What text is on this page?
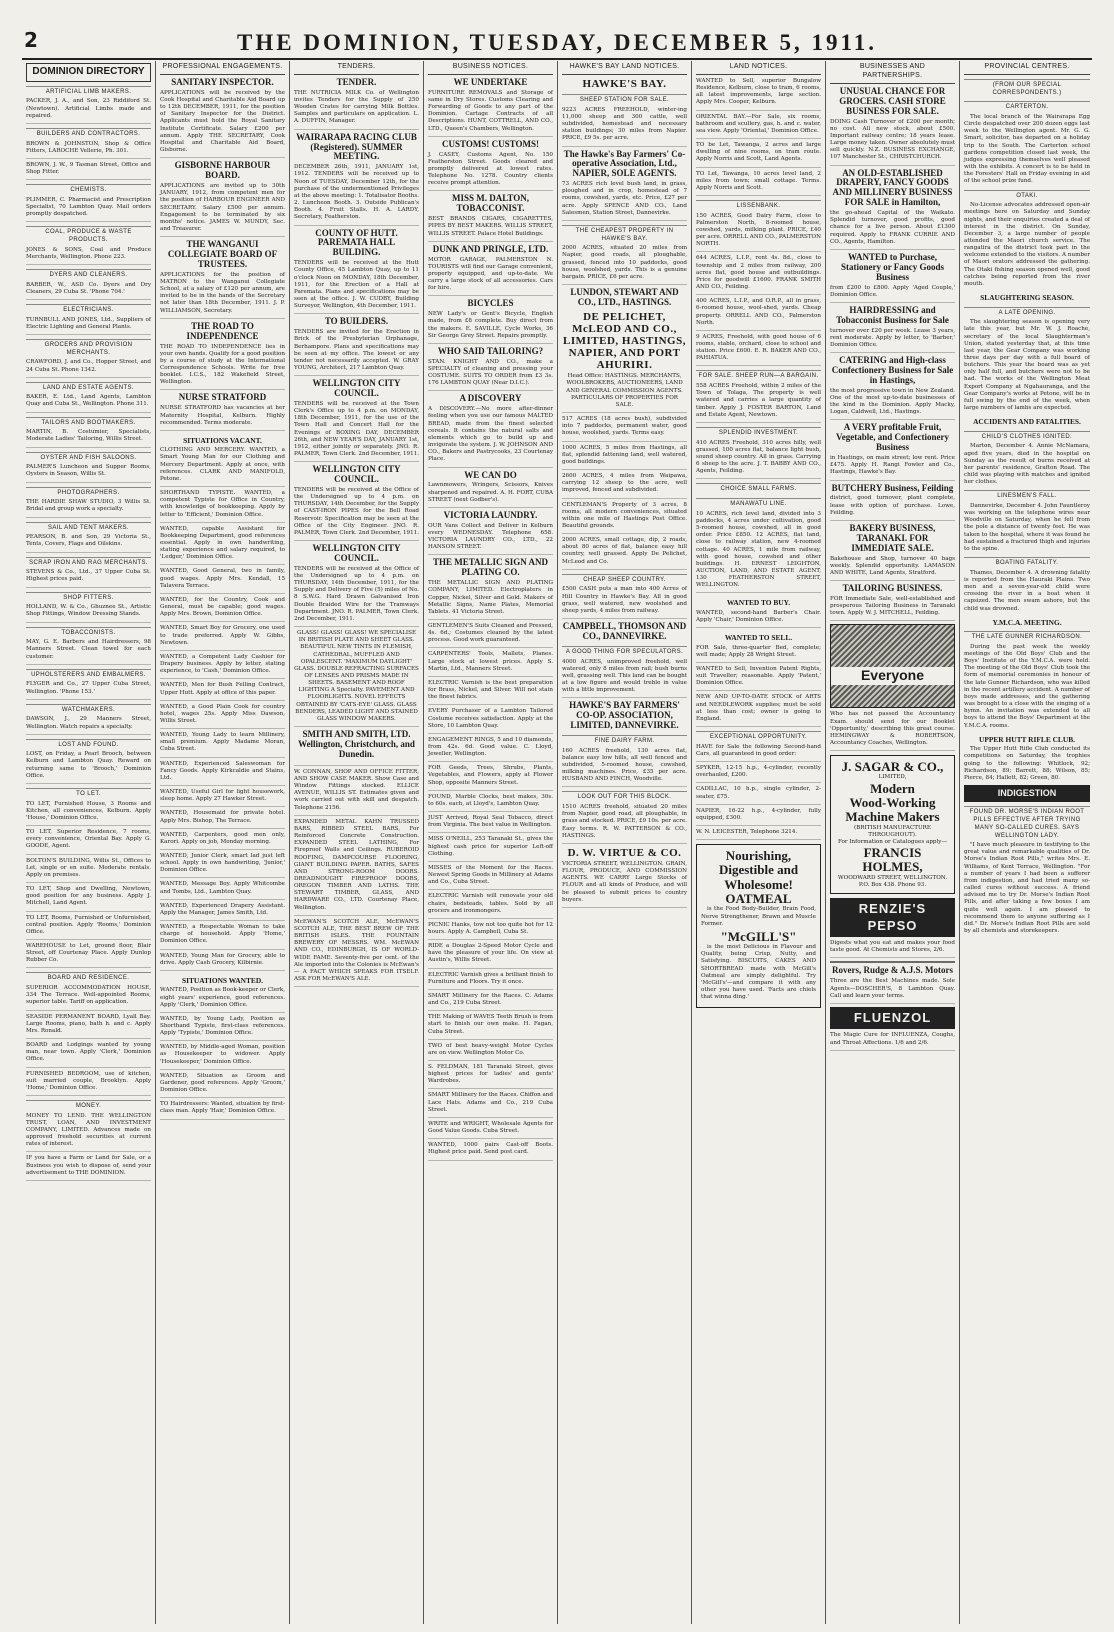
2	THE DOMINION, TUESDAY, DECEMBER 5, 1911.
DOMINION DIRECTORY
ARTIFICIAL LIMB MAKERS.
PACKER, J. A., and Son, 23 Riddiford St. (Newtown). Artificial Limbs made and repaired.
BUILDERS AND CONTRACTORS.
BROWN & JOHNSTON, Shop & Office Fitters, LAROCHE Vellerie, Ph. 301.
BROWN, J. W., 9 Tasman Street, Office and Shop Fitter.
CHEMISTS.
PLIMMER, C. Pharmacist and Prescription Specialist, 70 Lambton Quay. Mail orders promptly despatched.
COAL, PRODUCE & WASTE PRODUCTS.
JONES & SONS, Coal and Produce Merchants, Wellington. Phone 223.
DYERS AND CLEANERS.
BARBER, W., ASD Co. Dyers and Dry Cleaners, 29 Cuba St. 'Phone 704.'
ELECTRICIANS.
TURNBULL AND JONES, Ltd., Suppliers of Electric Lighting and General Plants.
GROCERS AND PROVISION MERCHANTS.
CRAWFORD, J. and Co., Hopper Street, and 24 Cuba St. Phone 1342.
LAND AND ESTATE AGENTS.
BAKER, E. Ltd., Land Agents, Lambton Quay and Cuba St., Wellington. Phone 311.
TAILORS AND BOOTMAKERS.
MARTIN, B. Costumier, Specialists, Moderate Ladies' Tailoring, Willis Street.
OYSTER AND FISH SALOONS.
PALMER'S Luncheon and Supper Rooms, Oysters in Season, Willis St.
PHOTOGRAPHERS.
THE HARDIE SHAW STUDIO, 3 Willis St. Bridal and group work a specialty.
SAIL AND TENT MAKERS.
PEARSON, B. and Son, 29 Victoria St., Tents, Covers, Flags and Oilskins.
SCRAP IRON AND RAG MERCHANTS.
STEVENS & Co., Ltd., 37 Upper Cuba St. Highest prices paid.
SHOP FITTERS.
HOLLAND, W. & Co., Ghuznee St., Artistic Shop Fittings, Window Dressing Stands.
TOBACCONISTS.
MAY, G. E. Barbers and Hairdressers, 98 Manners Street. Clean towel for each customer.
UPHOLSTERERS AND EMBALMERS.
FLYGER and Co., 27 Upper Cuba Street, Wellington. 'Phone 153.'
WATCHMAKERS.
DAWSON, J., 29 Manners Street, Wellington. Watch repairs a specialty.
LOST AND FOUND.
LOST, on Friday, a Pearl Brooch, between Kelburn and Lambton Quay. Reward on returning same to 'Brooch,' Dominion Office.
TO LET.
TO LET, Furnished House, 3 Rooms and Kitchen, all conveniences, Kelburn. Apply 'House,' Dominion Office.
TO LET, Superior Residence, 7 rooms, every convenience, Oriental Bay. Apply G. GOODE, Agent.
BOLTON'S BUILDING, Willis St., Offices to Let, single or en suite. Moderate rentals. Apply on premises.
TO LET, Shop and Dwelling, Newtown, good position for any business. Apply J. Mitchell, Land Agent.
TO LET, Rooms, Furnished or Unfurnished, central position. Apply 'Rooms,' Dominion Office.
WAREHOUSE to Let, ground floor, Blair Street, off Courtenay Place. Apply Dunlop Rubber Co.
BOARD AND RESIDENCE.
SUPERIOR ACCOMMODATION HOUSE, 334 The Terrace. Well-appointed Rooms, superior table. Tariff on application.
SEASIDE PERMANENT BOARD, Lyall Bay. Large Rooms, piano, bath h. and c. Apply Mrs. Ronald.
BOARD and Lodgings wanted by young man, near town. Apply 'Clerk,' Dominion Office.
FURNISHED BEDROOM, use of kitchen, suit married couple, Brooklyn. Apply 'Home,' Dominion Office.
MONEY.
MONEY TO LEND. THE WELLINGTON TRUST, LOAN, AND INVESTMENT COMPANY, LIMITED. Advances made on approved freehold securities at current rates of interest.
IF you have a Farm or Land for Sale, or a Business you wish to dispose of, send your advertisement to THE DOMINION.
PROFESSIONAL ENGAGEMENTS.
SANITARY INSPECTOR.
APPLICATIONS will be received by the Cook Hospital and Charitable Aid Board up to 12th DECEMBER, 1911, for the position of Sanitary Inspector for the District. Applicants must hold the Royal Sanitary Institute Certificate. Salary £200 per annum. Apply THE SECRETARY, Cook Hospital and Charitable Aid Board, Gisborne.
GISBORNE HARBOUR BOARD.
APPLICATIONS are invited up to 30th JANUARY, 1912, from competent men for the position of HARBOUR ENGINEER AND SECRETARY. Salary £500 per annum. Engagement to be terminated by six months' notice. JAMES W. MUNDY, Sec. and Treasurer.
THE WANGANUI COLLEGIATE BOARD OF TRUSTEES.
APPLICATIONS for the position of MATRON to the Wanganui Collegiate School, at a salary of £120 per annum, are invited to be in the hands of the Secretary not later than 18th December, 1911. J. P. WILLIAMSON, Secretary.
THE ROAD TO INDEPENDENCE
THE ROAD TO INDEPENDENCE lies in your own hands. Qualify for a good position by a course of study at the International Correspondence Schools. Write for free booklet. I.C.S., 182 Wakefield Street, Wellington.
NURSE STRATFORD
NURSE STRATFORD has vacancies at her Maternity Hospital, Kelburn. Highly recommended. Terms moderate.
SITUATIONS VACANT.
CLOTHING AND MERCERY. WANTED, a Smart Young Man for our Clothing and Mercery Department. Apply at once, with references. CLARK AND MANIFOLD, Petone.
SHORTHAND TYPISTE. WANTED, a competent Typiste for Office in Country, with knowledge of bookkeeping. Apply by letter to 'Efficient,' Dominion Office.
WANTED, capable Assistant for Bookkeeping Department, good references essential. Apply in own handwriting, stating experience and salary required, to 'Ledger,' Dominion Office.
WANTED, Good General, two in family, good wages. Apply Mrs. Kendall, 15 Talavera Terrace.
WANTED, for the Country, Cook and General, must be capable; good wages. Apply Mrs. Brown, Dominion Office.
WANTED, Smart Boy for Grocery, one used to trade preferred. Apply W. Gibbs, Newtown.
WANTED, a Competent Lady Cashier for Drapery business. Apply by letter, stating experience, to 'Cash,' Dominion Office.
WANTED, Men for Bush Felling Contract, Upper Hutt. Apply at office of this paper.
WANTED, a Good Plain Cook for country hotel, wages 25s. Apply Miss Dawson, Willis Street.
WANTED, Young Lady to learn Millinery, small premium. Apply Madame Moran, Cuba Street.
WANTED, Experienced Saleswoman for Fancy Goods. Apply Kirkcaldie and Stains, Ltd.
WANTED, Useful Girl for light housework, sleep home. Apply 27 Hawker Street.
WANTED, Housemaid for private hotel. Apply Mrs. Bishop, The Terrace.
WANTED, Carpenters, good men only, Karori. Apply on job, Monday morning.
WANTED, Junior Clerk, smart lad just left school. Apply in own handwriting, 'Junior,' Dominion Office.
WANTED, Message Boy. Apply Whitcombe and Tombs, Ltd., Lambton Quay.
WANTED, Experienced Drapery Assistant. Apply the Manager, James Smith, Ltd.
WANTED, a Respectable Woman to take charge of household. Apply 'Home,' Dominion Office.
WANTED, Young Man for Grocery, able to drive. Apply Cash Grocery, Kilbirnie.
SITUATIONS WANTED.
WANTED, Position as Book-keeper or Clerk, eight years' experience, good references. Apply 'Clerk,' Dominion Office.
WANTED, by Young Lady, Position as Shorthand Typiste, first-class references. Apply 'Typiste,' Dominion Office.
WANTED, by Middle-aged Woman, position as Housekeeper to widower. Apply 'Housekeeper,' Dominion Office.
WANTED, Situation as Groom and Gardener, good references. Apply 'Groom,' Dominion Office.
TO Hairdressers: Wanted, situation by first-class man. Apply 'Hair,' Dominion Office.
TENDERS.
TENDER.
THE NUTRICIA MILK Co. of Wellington invites Tenders for the Supply of 250 Wooden Crates for carrying Milk Bottles. Samples and particulars on application. L. A. DUFFIN, Manager.
WAIRARAPA RACING CLUB (Registered). SUMMER MEETING.
DECEMBER 26th, 1911, JANUARY 1st, 1912. TENDERS will be received up to Noon of TUESDAY, December 12th, for the purchase of the undermentioned Privileges at the above meeting: 1. Totalisator Booths. 2. Luncheon Booth. 3. Outside Publican's Booth. 4. Fruit Stalls. H. A. LARDY, Secretary, Featherston.
COUNTY OF HUTT. PAREMATA HALL BUILDING.
TENDERS will be received at the Hutt County Office, 45 Lambton Quay, up to 11 o'clock Noon on MONDAY, 18th December, 1911, for the Erection of a Hall at Paremata. Plans and specifications may be seen at the office. J. W. CUDBY, Building Surveyor, Wellington, 4th December, 1911.
TO BUILDERS.
TENDERS are invited for the Erection in Brick of the Presbyterian Orphanage, Berhampore. Plans and specifications may be seen at my office. The lowest or any tender not necessarily accepted. W. GRAY YOUNG, Architect, 217 Lambton Quay.
WELLINGTON CITY COUNCIL.
TENDERS will be received at the Town Clerk's Office up to 4 p.m. on MONDAY, 18th December, 1911, for the use of the Town Hall and Concert Hall for the Evenings of BOXING DAY, DECEMBER 26th, and NEW YEAR'S DAY, JANUARY 1st, 1912, either jointly or separately. JNO. R. PALMER, Town Clerk. 2nd December, 1911.
WELLINGTON CITY COUNCIL.
TENDERS will be received at the Office of the Undersigned up to 4 p.m. on THURSDAY, 14th December, for the Supply of CAST-IRON PIPES for the Bell Road Reservoir. Specification may be seen at the Office of the City Engineer. JNO. R. PALMER, Town Clerk. 2nd December, 1911.
WELLINGTON CITY COUNCIL.
TENDERS will be received at the Office of the Undersigned up to 4 p.m. on THURSDAY, 14th December, 1911, for the Supply and Delivery of Five (5) miles of No. 8 S.W.G. Hard Drawn Galvanised Iron Double Braided Wire for the Tramways Department. JNO. R. PALMER, Town Clerk. 2nd December, 1911.
GLASS! GLASS! GLASS! WE SPECIALISE IN BRITISH PLATE AND SHEET GLASS. BEAUTIFUL NEW TINTS IN FLEMISH, CATHEDRAL, MUFFLED AND OPALESCENT. 'MAXIMUM DAYLIGHT' GLASS. DOUBLE REFRACTING SURFACES OF LENSES AND PRISMS MADE IN SHEETS. BASEMENT AND ROOF LIGHTING A Specialty. PAVEMENT AND FLOORLIGHTS. NOVEL EFFECTS OBTAINED BY 'CATS-EYE' GLASS. GLASS BENDERS, LEADED LIGHT AND STAINED GLASS WINDOW MAKERS.
SMITH AND SMITH, LTD. Wellington, Christchurch, and Dunedin.
W. CONNAN, SHOP AND OFFICE FITTER, AND SHOW CASE MAKER. Show Case and Window Fittings stocked. ELLICE AVENUE, WILLIS ST. Estimates given and work carried out with skill and despatch. Telephone 2156.
EXPANDED METAL KAHN TRUSSED BARS, RIBBED STEEL BARS, For Reinforced Concrete Construction. EXPANDED STEEL LATHING, For Fireproof Walls and Ceilings. RUBEROID ROOFING, DAMPCOURSE FLOORING, GIANT BUILDING PAPER. BATHS, SAFES AND STRONG-ROOM DOORS. DREADNOUGHT FIREPROOF DOORS, OREGON TIMBER AND LATHS. THE STEWART TIMBER, GLASS, AND HARDWARE CO., LTD. Courtenay Place, Wellington.
McEWAN'S SCOTCH ALE, McEWAN'S SCOTCH ALE, THE BEST BREW OF THE BRITISH ISLES. THE FOUNTAIN BREWERY OF MESSRS. WM. McEWAN AND CO., EDINBURGH, IS OF WORLD-WIDE FAME. Seventy-five per cent. of the Ale imported into the Colonies is McEwan's — A FACT WHICH SPEAKS FOR ITSELF. ASK FOR McEWAN'S ALE.
BUSINESS NOTICES.
WE UNDERTAKE
FURNITURE REMOVALS and Storage of same in Dry Stores. Customs Clearing and Forwarding of Goods to any part of the Dominion. Cartage Contracts of all Descriptions. HUNT, COTTRELL, AND CO., LTD., Queen's Chambers, Wellington.
CUSTOMS! CUSTOMS!
J. CASEY, Customs Agent, No. 150 Featherston Street. Goods cleared and promptly delivered at lowest rates. Telephone No. 1278. Country clients receive prompt attention.
MISS M. DALTON, TOBACCONIST.
BEST BRANDS CIGARS, CIGARETTES, PIPES BY BEST MAKERS. WILLIS STREET, WILLIS STREET. Palace Hotel Buildings.
DUNK AND PRINGLE, LTD.
MOTOR GARAGE, PALMERSTON N. TOURISTS will find our Garage convenient, properly equipped, and up-to-date. We carry a large stock of all accessories. Cars for hire.
BICYCLES
NEW Lady's or Gent's Bicycle, English made, from £8 complete. Buy direct from the makers. E. SAVILLE, Cycle Works, 36 Sir George Grey Street. Repairs promptly.
WHO SAID TAILORING?
STAN. KNIGHT AND CO., make a SPECIALTY of cleaning and pressing your COSTUME. SUITS TO ORDER from £3 3s. 176 LAMBTON QUAY (Near D.I.C.).
A DISCOVERY
A DISCOVERY.—No more after-dinner feeling when you use our famous MALTED BREAD, made from the finest selected cereals. It contains the natural salts and elements which go to build up and invigorate the system. J. W. JOHNSON AND CO., Bakers and Pastrycooks, 23 Courtenay Place.
WE CAN DO
Lawnmowers, Wringers, Scissors, Knives sharpened and repaired. A. H. FORT, CUBA STREET (next Godber's).
VICTORIA LAUNDRY.
OUR Vans Collect and Deliver in Kelburn every WEDNESDAY. Telephone 658. VICTORIA LAUNDRY CO., LTD., 22 HANSON STREET.
THE METALLIC SIGN AND PLATING CO.
THE METALLIC SIGN AND PLATING COMPANY, LIMITED. Electroplaters in Copper, Nickel, Silver and Gold. Makers of Metallic Signs, Name Plates, Memorial Tablets. 41 Victoria Street.
GENTLEMEN'S Suits Cleaned and Pressed, 4s. 6d.; Costumes cleaned by the latest process. Good work guaranteed.
CARPENTERS' Tools, Mallets, Planes. Large stock at lowest prices. Apply S. Martin, Ltd., Manners Street.
ELECTRIC Varnish is the best preparation for Brass, Nickel, and Silver. Will not stain the finest fabrics.
EVERY Purchaser of a Lambton Tailored Costume receives satisfaction. Apply at the Store, 10 Lambton Quay.
ENGAGEMENT RINGS, 5 and 10 diamonds, from 42s. 6d. Good value. C. Lloyd, Jeweller, Wellington.
FOR Geeds, Trees, Shrubs, Plants, Vegetables, and Flowers, apply at Flower Shop, opposite Manners Street.
FOUND, Marble Clocks, best makes, 30s. to 60s. each, at Lloyd's, Lambton Quay.
JUST Arrived, Royal Seal Tobacco, direct from Virginia. The best value in Wellington.
MISS O'NEILL, 253 Taranaki St., gives the highest cash price for superior Left-off Clothing.
MISSES of the Moment for the Races. Newest Spring Goods in Millinery at Adams and Co., Cuba Street.
ELECTRIC Varnish will renovate your old chairs, bedsteads, tables. Sold by all grocers and ironmongers.
PICNIC Hanks, tow not too quite hot for 12 hours. Apply A. Campbell, Cuba St.
RIDE a Douglas 2-Speed Motor Cycle and have the pleasure of your life. On view at Austin's, Willis Street.
ELECTRIC Varnish gives a brilliant finish to Furniture and Floors. Try it once.
SMART Millinery for the Races. C. Adams and Co., 219 Cuba Street.
THE Making of WAVES Teeth Brush is from start to finish our own make. H. Fagan, Cuba Street.
TWO of best heavy-weight Motor Cycles are on view. Wellington Motor Co.
S. FELDMAN, 181 Taranaki Street, gives highest prices for ladies' and gents' Wardrobes.
SMART Millinery for the Races. Chiffon and Lace Hats. Adams and Co., 219 Cuba Street.
WRITE and WRIGHT, Wholesale Agents for Good Value Goods. Cuba Street.
WANTED, 1000 pairs Cast-off Boots. Highest price paid. Send post card.
HAWKE'S BAY LAND NOTICES.
HAWKE'S BAY.
SHEEP STATION FOR SALE.
9223 ACRES FREEHOLD, winter-ing 11,000 sheep and 300 cattle, well subdivided, homestead and necessary station buildings; 30 miles from Napier. PRICE, £9 5s. per acre.
The Hawke's Bay Farmers' Co-operative Association, Ltd., NAPIER, SOLE AGENTS.
73 ACRES rich level bush land, in grass, ploughed and in crop, homestead of 7 rooms, cowshed, yards, etc. Price, £27 per acre. Apply SPENCE AND CO., Land Salesmen, Station Street, Dannevirke.
THE CHEAPEST PROPERTY IN HAWKE'S BAY.
2000 ACRES, situated 20 miles from Napier, good roads, all ploughable, grassed, fenced into 10 paddocks, good house, woolshed, yards. This is a genuine bargain. PRICE, £6 per acre.
LUNDON, STEWART AND CO., LTD., HASTINGS.
DE PELICHET, McLEOD AND CO., LIMITED, HASTINGS, NAPIER, AND PORT AHURIRI.
Head Office: HASTINGS. MERCHANTS, WOOLBROKERS, AUCTIONEERS, LAND AND GENERAL COMMISSION AGENTS. PARTICULARS OF PROPERTIES FOR SALE.
517 ACRES (18 acres bush), subdivided into 7 paddocks, permanent water, good house, woolshed, yards. Terms easy.
1000 ACRES, 5 miles from Hastings, all flat, splendid fattening land, well watered, good buildings.
2600 ACRES, 4 miles from Waipawa, carrying 12 sheep to the acre, well improved, fenced and subdivided.
CENTLEMAN'S Property of 3 acres, 8 rooms, all modern conveniences, situated within one mile of Hastings Post Office. Beautiful grounds.
2000 ACRES, small cottage, dip, 2 roads, about 80 acres of flat, balance easy hill country, well grassed. Apply De Pelichet, McLeod and Co.
CHEAP SHEEP COUNTRY.
£500 CASH puts a man into 400 Acres of Hill Country in Hawke's Bay. All in good grass, well watered, new woolshed and sheep yards, 4 miles from railway.
CAMPBELL, THOMSON AND CO., DANNEVIRKE.
A GOOD THING FOR SPECULATORS.
4000 ACRES, unimproved freehold, well watered, only 8 miles from rail; bush burns well, grassing well. This land can be bought at a low figure and would treble in value with a little improvement.
HAWKE'S BAY FARMERS' CO-OP. ASSOCIATION, LIMITED, DANNEVIRKE.
FINE DAIRY FARM.
160 ACRES freehold, 130 acres flat, balance easy low hills, all well fenced and subdivided, 5-roomed house, cowshed, milking machines. Price, £35 per acre. HUSBAND AND FINCH, Woodville.
LOOK OUT FOR THIS BLOCK.
1510 ACRES freehold, situated 20 miles from Napier, good road, all ploughable, in grass and stocked. PRICE, £9 10s. per acre. Easy terms. R. W. PATTERSON & CO., HASTINGS.
D. W. VIRTUE & CO.
VICTORIA STREET, WELLINGTON. GRAIN, FLOUR, PRODUCE, AND COMMISSION AGENTS. WE CARRY Large Stocks of FLOUR and all kinds of Produce, and will be pleased to submit prices to country buyers.
LAND NOTICES.
WANTED to Sell, superior Bungalow Residence, Kelburn, close to tram, 6 rooms, all latest improvements, large section. Apply Mrs. Cooper, Kelburn.
ORIENTAL BAY.—For Sale, six rooms, bathroom and scullery, gas, h. and c. water, sea view. Apply 'Oriental,' Dominion Office.
TO be Let, Tawanga, 2 acres and large dwelling of nine rooms, on tram route. Apply Norris and Scott, Land Agents.
TO Let, Tawanga, 10 acres level land, 2 miles from town; small cottage. Terms. Apply Norris and Scott.
LISSENBANK.
150 ACRES, Good Dairy Farm, close to Palmerston North, 8-roomed house, cowshed, yards, milking plant. PRICE, £40 per acre. ORRELL AND CO., PALMERSTON NORTH.
644 ACRES, L.I.P., rent 4s. 8d., close to township and 2 miles from railway, 200 acres flat, good house and outbuildings. Price for goodwill £1600. FRANK SMITH AND CO., Feilding.
400 ACRES, L.I.P., and O.R.P., all in grass, 6-roomed house, wool-shed, yards. Cheap property. ORRELL AND CO., Palmerston North.
9 ACRES, Freehold, with good house of 6 rooms, stable, orchard, close to school and station. Price £600. E. R. BAKER AND CO., PAHIATUA.
FOR SALE. SHEEP RUN—A BARGAIN.
558 ACRES Freehold, within 2 miles of the Town of Tolaga, The property is well watered and carries a large quantity of timber. Apply J. FOSTER BARTON, Land and Estate Agent, Newtown.
SPLENDID INVESTMENT.
410 ACRES Freehold, 310 acres hilly, well grassed, 100 acres flat, balance light bush, sound sheep country. All in grass. Carrying 6 sheep to the acre. J. T. BABBY AND CO., Agents, Feilding.
CHOICE SMALL FARMS.
MANAWATU LINE.
10 ACRES, rich level land, divided into 3 paddocks, 4 acres under cultivation, good 5-roomed house, cowshed, all in good order. Price £850. 12 ACRES, flat land, close to railway station, new 4-roomed cottage. 40 ACRES, 1 mile from railway, with good house, cowshed and other buildings. H. ERNEST LEIGHTON, AUCTION, LAND, AND ESTATE AGENT, 130 FEATHERSTON STREET, WELLINGTON.
WANTED TO BUY.
WANTED, second-hand Barber's Chair. Apply 'Chair,' Dominion Office.
WANTED TO SELL.
FOR Sale, three-quarter Bed, complete; well made; Apply 28 Wright Street.
WANTED to Sell, Invention Patent Rights, suit Traveller; reasonable. Apply 'Patent,' Dominion Office.
NEW AND UP-TO-DATE STOCK of ARTS and NEEDLEWORK supplies; must be sold at less than cost; owner is going to England.
EXCEPTIONAL OPPORTUNITY.
HAVE for Sale the following Second-hand Cars, all guaranteed in good order:
SPYKER, 12-15 h.p., 4-cylinder, recently overhauled, £200.
CADILLAC, 10 h.p., single cylinder, 2-seater, £75.
NAPIER, 16-22 h.p., 4-cylinder, fully equipped, £300.
W. N. LEICESTER, Telephone 3214.
Nourishing, Digestible and Wholesome! OATMEAL
is the Food Body-Builder, Brain Food, Nerve Strengthener, Brawn and Muscle Former.
"McGILL'S"
is the most Delicious in Flavour and Quality, being Crisp, Nutty, and Satisfying. BISCUITS, CAKES AND SHORTBREAD made with McGill's Oatmeal are simply delightful. Try 'McGill's'—and compare it with any other you have used. 'Facts are chiels that winna ding.'
BUSINESSES AND PARTNERSHIPS.
UNUSUAL CHANCE FOR GROCERS. CASH STORE BUSINESS FOR SALE.
DOING Cash Turnover of £200 per month; no cost. All new stock, about £500. Important railway centre; 18 years lease. Large money taken. Owner absolutely must sell quickly. N.Z. BUSINESS EXCHANGE, 107 Manchester St., CHRISTCHURCH.
AN OLD-ESTABLISHED DRAPERY, FANCY GOODS AND MILLINERY BUSINESS FOR SALE in Hamilton,
the go-ahead Capital of the Waikato. Splendid turnover, good profits, good chance for a live person. About £1300 required. Apply to FRANK CURRIE AND CO., Agents, Hamilton.
WANTED to Purchase, Stationery or Fancy Goods Business
from £200 to £800. Apply 'Aged Couple,' Dominion Office.
HAIRDRESSING and Tobacconist Business for Sale
turnover over £20 per week. Lease 3 years, rent moderate. Apply by letter, to 'Barber,' Dominion Office.
CATERING and High-class Confectionery Business for Sale in Hastings,
the most progressive town in New Zealand. One of the most up-to-date businesses of the kind in the Dominion. Apply Macky, Logan, Caldwell, Ltd., Hastings.
A VERY profitable Fruit, Vegetable, and Confectionery Business
in Hastings, on main street; low rent. Price £475. Apply H. Rangi Fowler and Co., Hastings, Hawke's Bay.
BUTCHERY Business, Feilding
district, good turnover, plant complete, lease with option of purchase. Lowe, Feilding.
BAKERY BUSINESS, TARANAKI. FOR IMMEDIATE SALE.
Bakehouse and Shop, turnover 40 bags weekly. Splendid opportunity. LAMASON AND WHITE, Land Agents, Stratford.
TAILORING BUSINESS.
FOR Immediate Sale, well-established and prosperous Tailoring Business in Taranaki town. Apply W. J. MITCHELL, Feilding.
Everyone
Who has not passed the Accountancy Exam. should send for our Booklet 'Opportunity,' describing this great course. HEMINGWAY & ROBERTSON, Accountancy Coaches, Wellington.
J. SAGAR & CO.,
LIMITED,
Modern
Wood-Working Machine Makers
(BRITISH MANUFACTURE THROUGHOUT).
For Information or Catalogues apply—
FRANCIS HOLMES,
WOODWARD STREET, WELLINGTON.
P.O. Box 438. Phone 93.
RENZIE'S PEPSO
Digests what you eat and makes your food taste good. At Chemists and Stores, 2/6.
Rovers, Rudge & A.J.S. Motors
Three are the Best Machines made. Sole Agents—DOSCHER'S, 8 Lambton Quay. Call and learn your terms.
FLUENZOL
The Magic Cure for INFLUENZA, Coughs, and Throat Affections. 1/6 and 2/6.
PROVINCIAL CENTRES.
(FROM OUR SPECIAL CORRESPONDENTS.)
CARTERTON.
The local branch of the Wairarapa Egg Circle despatched over 200 dozen eggs last week to the Wellington agent. Mr. G. G. Smart, solicitor, has departed on a holiday trip to the South. The Carterton school gardens competition closed last week, the judges expressing themselves well pleased with the exhibits. A concert is to be held in the Foresters' Hall on Friday evening in aid of the school prize fund.
OTAKI.
No-License advocates addressed open-air meetings here on Saturday and Sunday nights, and their enquiries created a deal of interest in the district. On Sunday, December 3, a large number of people attended the Maori church service. The rangatira of the district took part in the welcome extended to the visitors. A number of Maori orators addressed the gathering. The Otaki fishing season opened well, good catches being reported from the river mouth.
SLAUGHTERING SEASON.
A LATE OPENING.
The slaughtering season is opening very late this year, but Mr. W. J. Roache, secretary of the local Slaughterman's Union, stated yesterday that, at this time last year, the Gear Company was working three days per day with a full board of butchers. This year the board was as yet only half full, and butchers were not to be had. The works of the Wellington Meat Export Company at Ngahauranga, and the Gear Company's works at Petone, will be in full swing by the end of the week, when large numbers of lambs are expected.
ACCIDENTS AND FATALITIES.
CHILD'S CLOTHES IGNITED.
Marton, December 4. Annie McNamara, aged five years, died in the hospital on Sunday as the result of burns received at her parents' residence, Grafton Road. The child was playing with matches and ignited her clothes.
LINESMEN'S FALL.
Dannevirke, December 4. John Fauntleroy was working on the telephone wires near Woodville on Saturday, when he fell from the pole a distance of twenty feet. He was taken to the hospital, where it was found he had sustained a fractured thigh and injuries to the spine.
BOATING FATALITY.
Thames, December 4. A drowning fatality is reported from the Hauraki Plains. Two men and a seven-year-old child were crossing the river in a boat when it capsized. The men swam ashore, but the child was drowned.
Y.M.C.A. MEETING.
THE LATE GUNNER RICHARDSON.
During the past week the weekly meetings of the Old Boys' Club and the Boys' Institute of the Y.M.C.A. were held. The meeting of the Old Boys' Club took the form of memorial ceremonies in honour of the late Gunner Richardson, who was killed in the recent artillery accident. A number of boys made addresses, and the gathering was brought to a close with the singing of a hymn. An invitation was extended to all boys to attend the Boys' Department at the Y.M.C.A. rooms.
UPPER HUTT RIFLE CLUB.
The Upper Hutt Rifle Club conducted its competitions on Saturday, the trophies going to the following: Whitlock, 92; Richardson, 89; Barrett, 88; Wilson, 85; Pierce, 84; Hallett, 82; Green, 80.
INDIGESTION
FOUND DR. MORSE'S INDIAN ROOT PILLS EFFECTIVE AFTER TRYING MANY SO-CALLED CURES. SAYS WELLINGTON LADY.
"I have much pleasure in testifying to the great value and remarkable qualities of Dr. Morse's Indian Root Pills," writes Mrs. E. Williams, of Kent Terrace, Wellington. "For a number of years I had been a sufferer from indigestion, and had tried many so-called cures without success. A friend advised me to try Dr. Morse's Indian Root Pills, and after taking a few boxes I am quite well again. I am pleased to recommend them to anyone suffering as I did." Dr. Morse's Indian Root Pills are sold by all chemists and storekeepers.
